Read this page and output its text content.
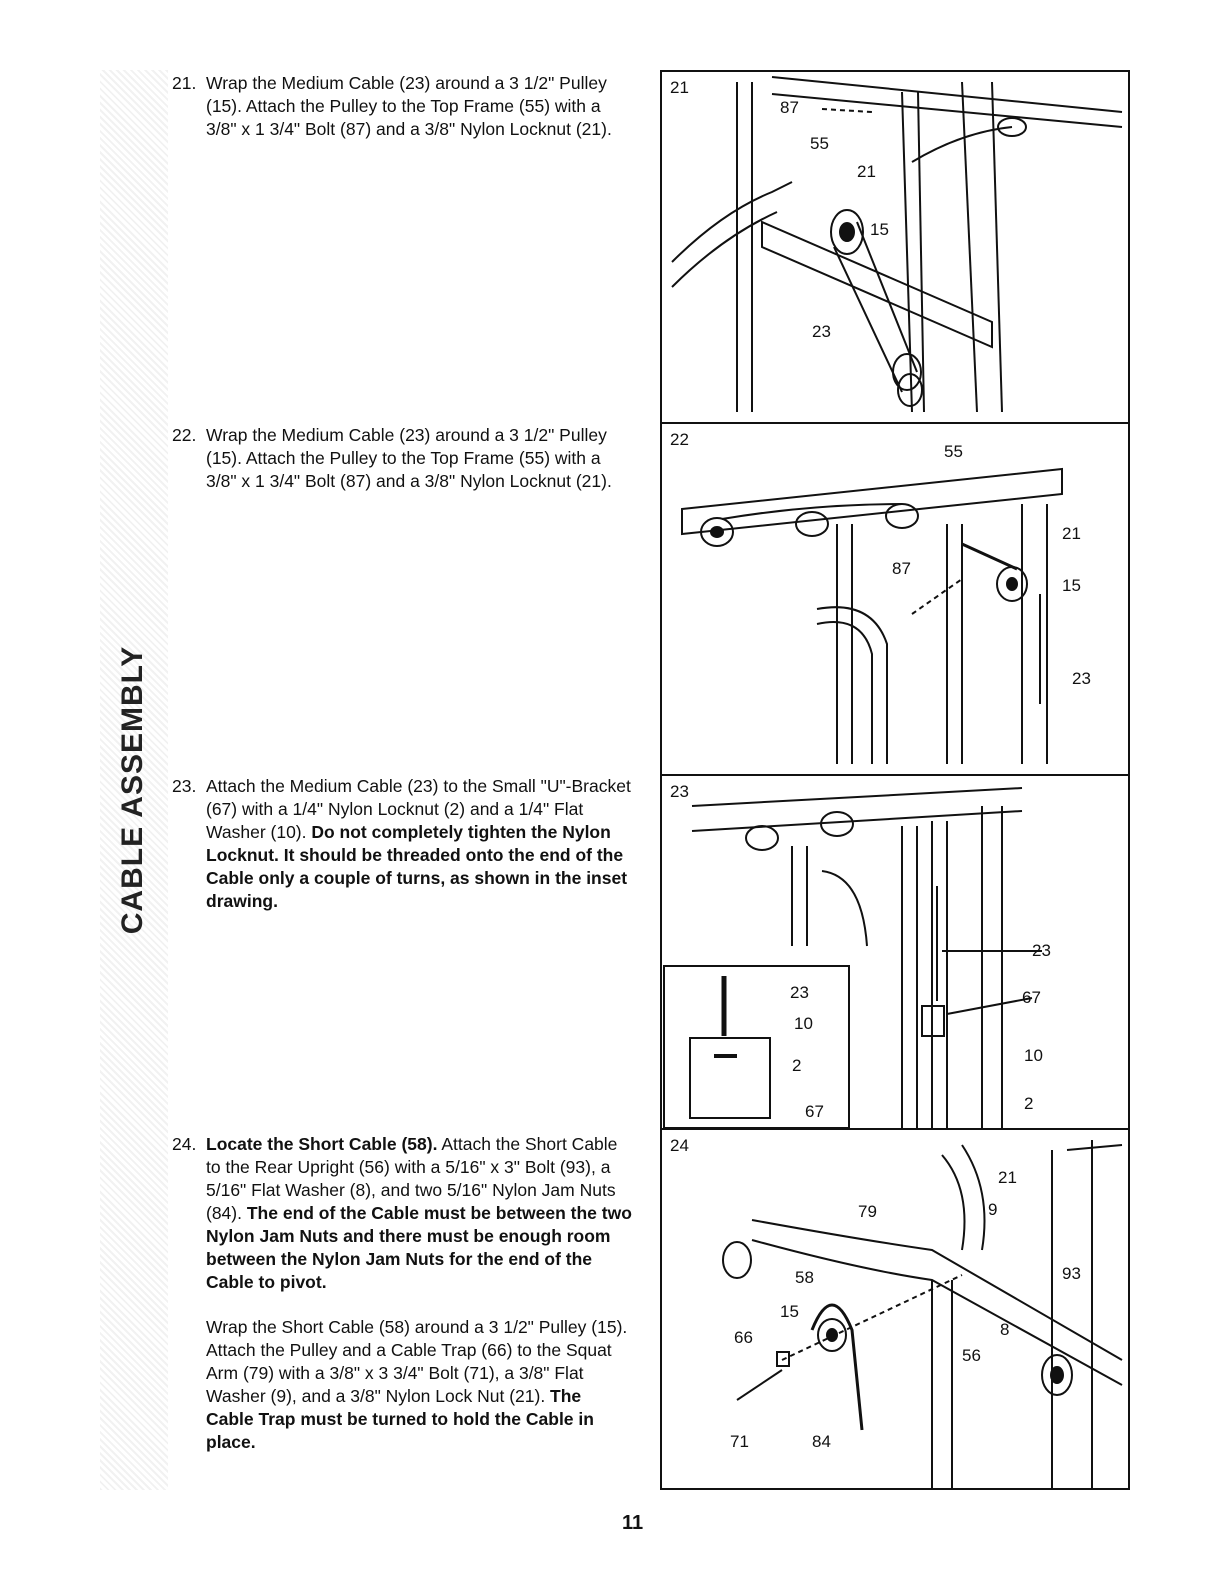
CABLE ASSEMBLY
21. Wrap the Medium Cable (23) around a 3 1/2" Pulley (15). Attach the Pulley to the Top Frame (55) with a 3/8" x 1 3/4" Bolt (87) and a 3/8" Nylon Locknut (21).

22. Wrap the Medium Cable (23) around a 3 1/2" Pulley (15). Attach the Pulley to the Top Frame (55) with a 3/8" x 1 3/4" Bolt (87) and a 3/8" Nylon Locknut (21).

23. Attach the Medium Cable (23) to the Small "U"-Bracket (67) with a 1/4" Nylon Locknut (2) and a 1/4" Flat Washer (10). Do not completely tighten the Nylon Locknut. It should be threaded onto the end of the Cable only a couple of turns, as shown in the inset drawing.

24. Locate the Short Cable (58). Attach the Short Cable to the Rear Upright (56) with a 5/16" x 3" Bolt (93), a 5/16" Flat Washer (8), and two 5/16" Nylon Jam Nuts (84). The end of the Cable must be between the two Nylon Jam Nuts and there must be enough room between the Nylon Jam Nuts for the end of the Cable to pivot.

Wrap the Short Cable (58) around a 3 1/2" Pulley (15). Attach the Pulley and a Cable Trap (66) to the Squat Arm (79) with a 3/8" x 3 3/4" Bolt (71), a 3/8" Flat Washer (9), and a 3/8" Nylon Lock Nut (21). The Cable Trap must be turned to hold the Cable in place.

21
87
55
21
15
23
22
55
21
15
87
23
23
23
67
10
2
23
10
2
67
24
79
21
9
93
58
15
66	8
56
71	84
11
